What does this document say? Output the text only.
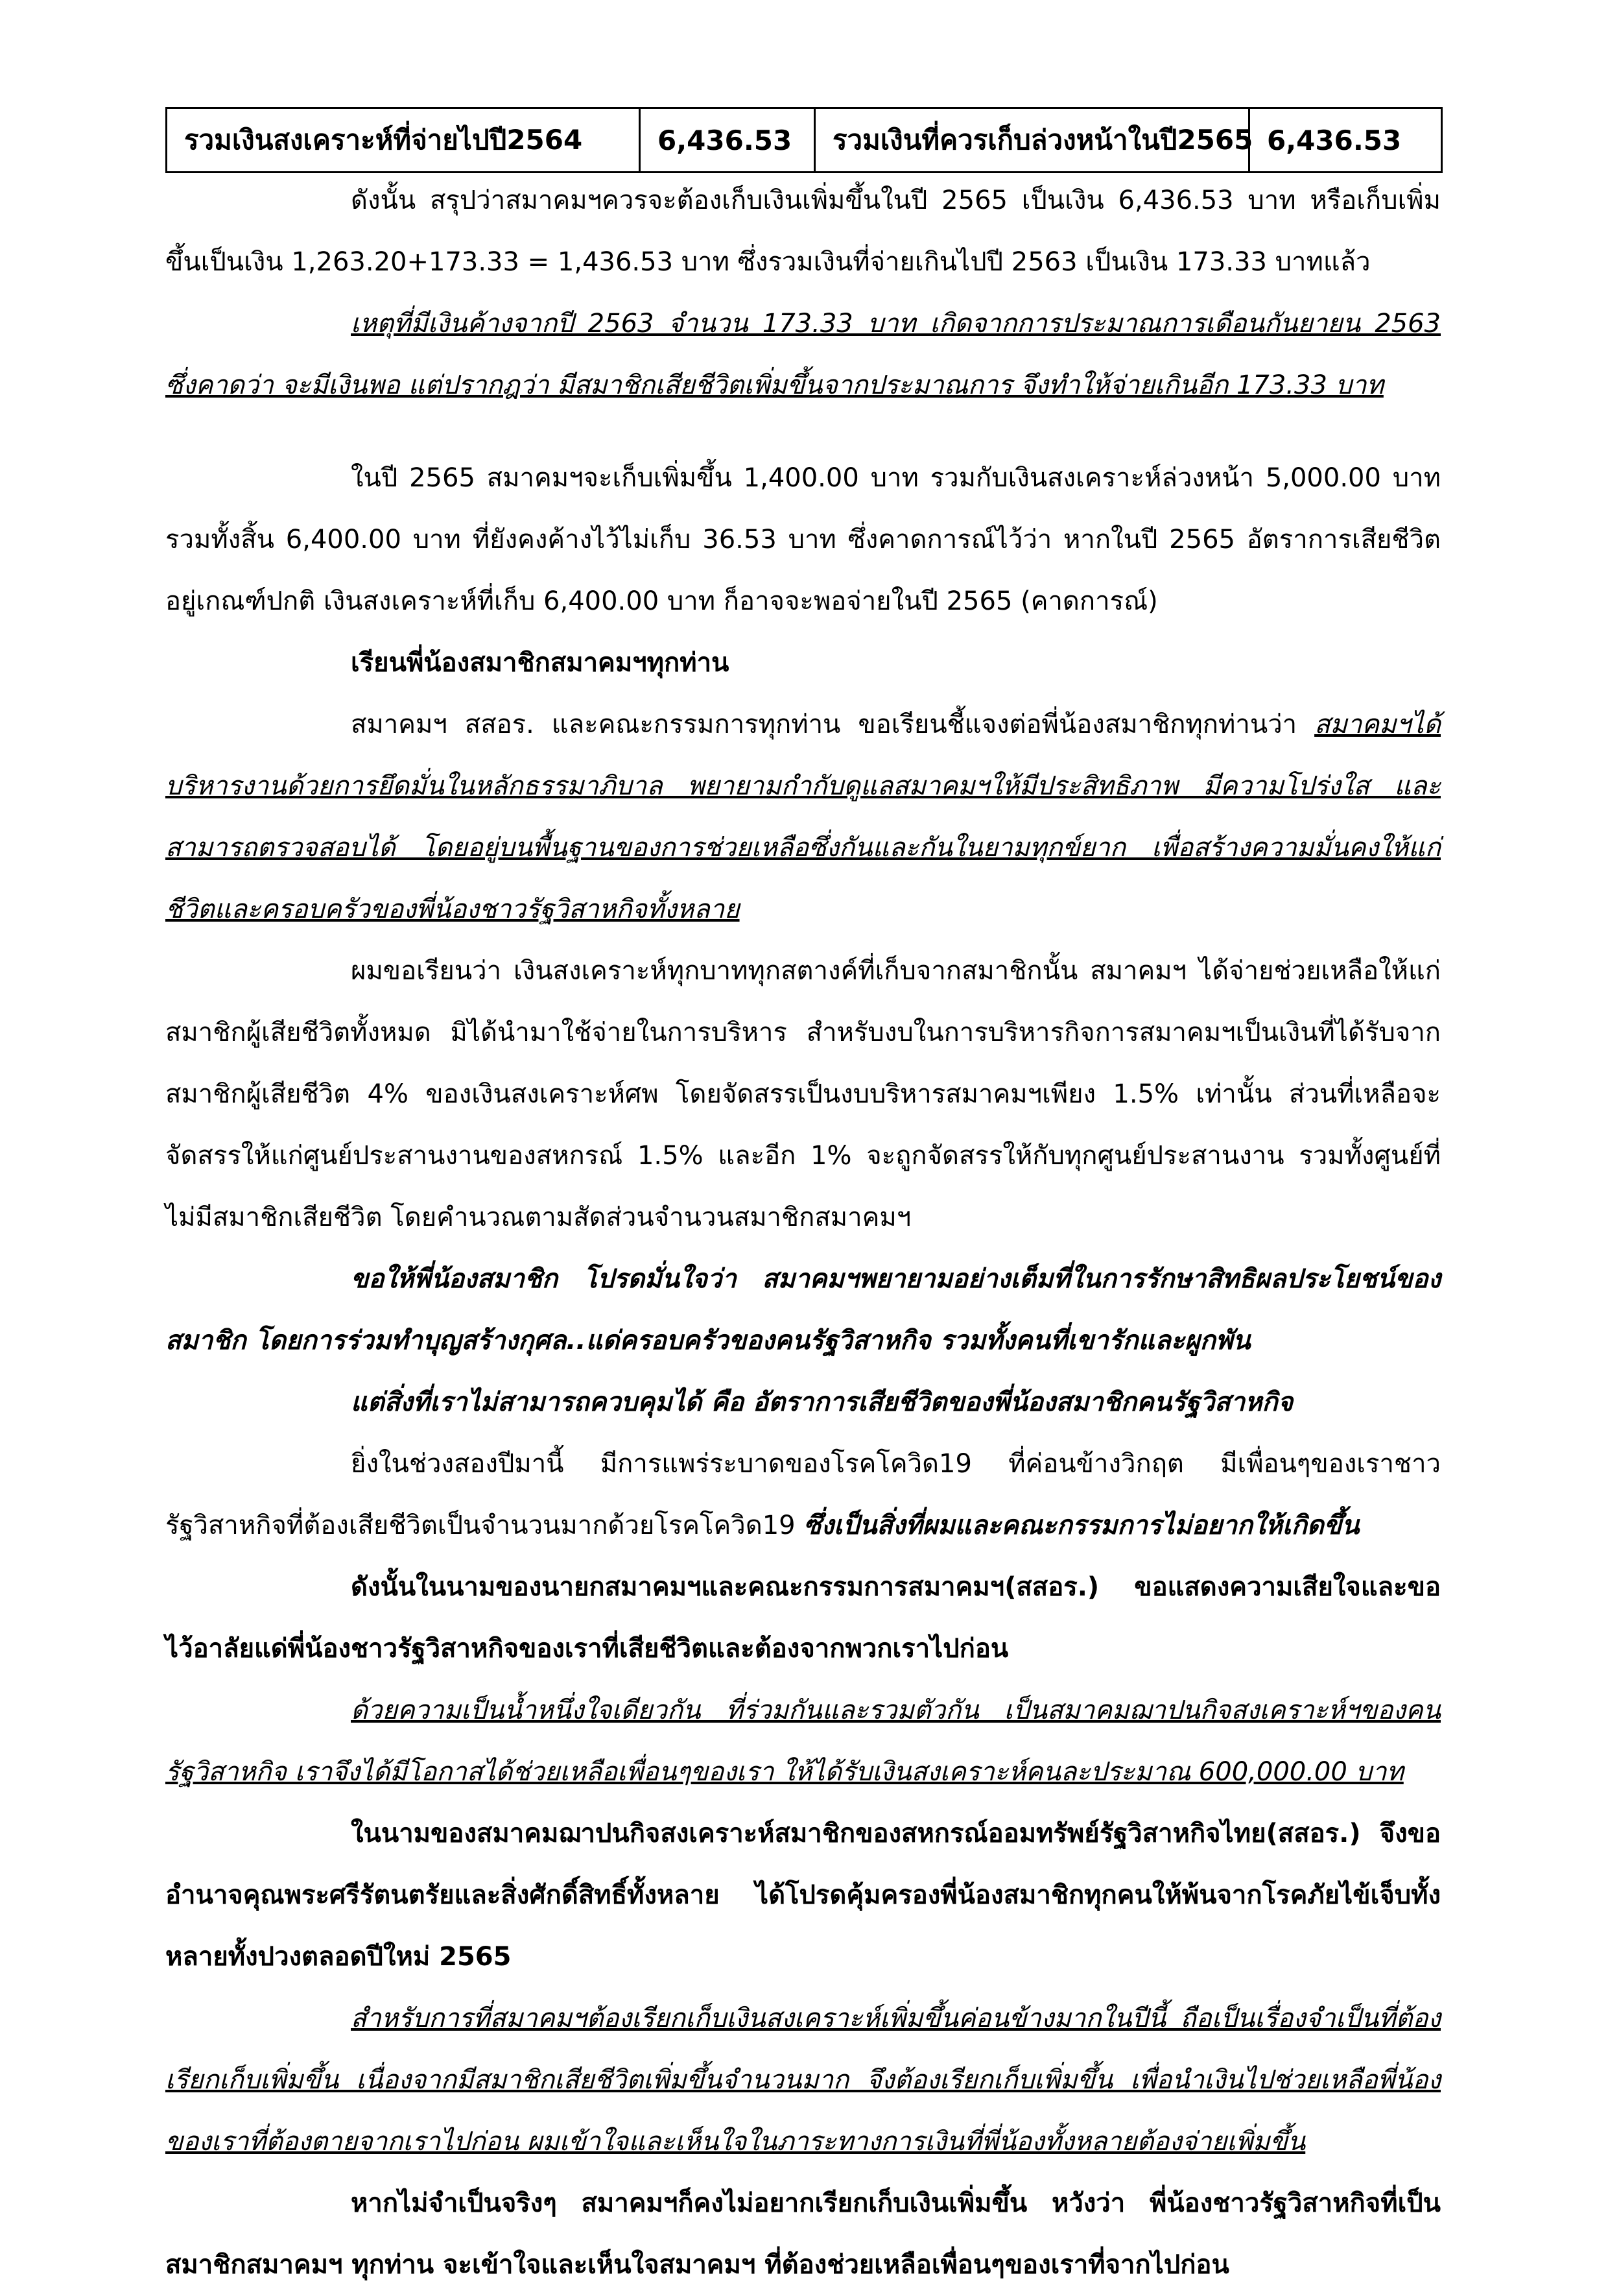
รวมเงินสงเคราะห์ที่จ่ายไปปี2564	6,436.53	รวมเงินที่ควรเก็บล่วงหน้าในปี2565	6,436.53

ดังนั้น สรุปว่าสมาคมฯควรจะต้องเก็บเงินเพิ่มขึ้นในปี 2565 เป็นเงิน 6,436.53 บาท หรือเก็บเพิ่มขึ้นเป็นเงิน 1,263.20+173.33 = 1,436.53 บาท ซึ่งรวมเงินที่จ่ายเกินไปปี 2563 เป็นเงิน 173.33 บาทแล้ว

เหตุที่มีเงินค้างจากปี 2563 จำนวน 173.33 บาท เกิดจากการประมาณการเดือนกันยายน 2563 ซึ่งคาดว่า จะมีเงินพอ แต่ปรากฎว่า มีสมาชิกเสียชีวิตเพิ่มขึ้นจากประมาณการ จึงทำให้จ่ายเกินอีก 173.33 บาท

ในปี 2565 สมาคมฯจะเก็บเพิ่มขึ้น 1,400.00 บาท รวมกับเงินสงเคราะห์ล่วงหน้า 5,000.00 บาท รวมทั้งสิ้น 6,400.00 บาท ที่ยังคงค้างไว้ไม่เก็บ 36.53 บาท ซึ่งคาดการณ์ไว้ว่า หากในปี 2565 อัตราการเสียชีวิตอยู่เกณฑ์ปกติ เงินสงเคราะห์ที่เก็บ 6,400.00 บาท ก็อาจจะพอจ่ายในปี 2565 (คาดการณ์)

เรียนพี่น้องสมาชิกสมาคมฯทุกท่าน

สมาคมฯ สสอร. และคณะกรรมการทุกท่าน ขอเรียนชี้แจงต่อพี่น้องสมาชิกทุกท่านว่า สมาคมฯได้บริหารงานด้วยการยึดมั่นในหลักธรรมาภิบาล พยายามกำกับดูแลสมาคมฯให้มีประสิทธิภาพ มีความโปร่งใส และสามารถตรวจสอบได้ โดยอยู่บนพื้นฐานของการช่วยเหลือซึ่งกันและกันในยามทุกข์ยาก เพื่อสร้างความมั่นคงให้แก่ชีวิตและครอบครัวของพี่น้องชาวรัฐวิสาหกิจทั้งหลาย

ผมขอเรียนว่า เงินสงเคราะห์ทุกบาททุกสตางค์ที่เก็บจากสมาชิกนั้น สมาคมฯ ได้จ่ายช่วยเหลือให้แก่สมาชิกผู้เสียชีวิตทั้งหมด มิได้นำมาใช้จ่ายในการบริหาร สำหรับงบในการบริหารกิจการสมาคมฯเป็นเงินที่ได้รับจากสมาชิกผู้เสียชีวิต 4% ของเงินสงเคราะห์ศพ โดยจัดสรรเป็นงบบริหารสมาคมฯเพียง 1.5% เท่านั้น ส่วนที่เหลือจะจัดสรรให้แก่ศูนย์ประสานงานของสหกรณ์ 1.5% และอีก 1% จะถูกจัดสรรให้กับทุกศูนย์ประสานงาน รวมทั้งศูนย์ที่ไม่มีสมาชิกเสียชีวิต โดยคำนวณตามสัดส่วนจำนวนสมาชิกสมาคมฯ

ขอให้พี่น้องสมาชิก โปรดมั่นใจว่า สมาคมฯพยายามอย่างเต็มที่ในการรักษาสิทธิผลประโยชน์ของสมาชิก โดยการร่วมทำบุญสร้างกุศล..แด่ครอบครัวของคนรัฐวิสาหกิจ รวมทั้งคนที่เขารักและผูกพัน

แต่สิ่งที่เราไม่สามารถควบคุมได้ คือ อัตราการเสียชีวิตของพี่น้องสมาชิกคนรัฐวิสาหกิจ

ยิ่งในช่วงสองปีมานี้ มีการแพร่ระบาดของโรคโควิด19 ที่ค่อนข้างวิกฤต มีเพื่อนๆของเราชาวรัฐวิสาหกิจที่ต้องเสียชีวิตเป็นจำนวนมากด้วยโรคโควิด19 ซึ่งเป็นสิ่งที่ผมและคณะกรรมการไม่อยากให้เกิดขึ้น

ดังนั้นในนามของนายกสมาคมฯและคณะกรรมการสมาคมฯ(สสอร.) ขอแสดงความเสียใจและขอไว้อาลัยแด่พี่น้องชาวรัฐวิสาหกิจของเราที่เสียชีวิตและต้องจากพวกเราไปก่อน

ด้วยความเป็นน้ำหนึ่งใจเดียวกัน ที่ร่วมกันและรวมตัวกัน เป็นสมาคมฌาปนกิจสงเคราะห์ฯของคนรัฐวิสาหกิจ เราจึงได้มีโอกาสได้ช่วยเหลือเพื่อนๆของเรา ให้ได้รับเงินสงเคราะห์คนละประมาณ 600,000.00 บาท

ในนามของสมาคมฌาปนกิจสงเคราะห์สมาชิกของสหกรณ์ออมทรัพย์รัฐวิสาหกิจไทย(สสอร.) จึงขออำนาจคุณพระศรีรัตนตรัยและสิ่งศักดิ์สิทธิ์ทั้งหลาย ได้โปรดคุ้มครองพี่น้องสมาชิกทุกคนให้พ้นจากโรคภัยไข้เจ็บทั้งหลายทั้งปวงตลอดปีใหม่ 2565

สำหรับการที่สมาคมฯต้องเรียกเก็บเงินสงเคราะห์เพิ่มขึ้นค่อนข้างมากในปีนี้ ถือเป็นเรื่องจำเป็นที่ต้องเรียกเก็บเพิ่มขึ้น เนื่องจากมีสมาชิกเสียชีวิตเพิ่มขึ้นจำนวนมาก จึงต้องเรียกเก็บเพิ่มขึ้น เพื่อนำเงินไปช่วยเหลือพี่น้องของเราที่ต้องตายจากเราไปก่อน ผมเข้าใจและเห็นใจในภาระทางการเงินที่พี่น้องทั้งหลายต้องจ่ายเพิ่มขึ้น

หากไม่จำเป็นจริงๆ สมาคมฯก็คงไม่อยากเรียกเก็บเงินเพิ่มขึ้น หวังว่า พี่น้องชาวรัฐวิสาหกิจที่เป็นสมาชิกสมาคมฯ ทุกท่าน จะเข้าใจและเห็นใจสมาคมฯ ที่ต้องช่วยเหลือเพื่อนๆของเราที่จากไปก่อน
